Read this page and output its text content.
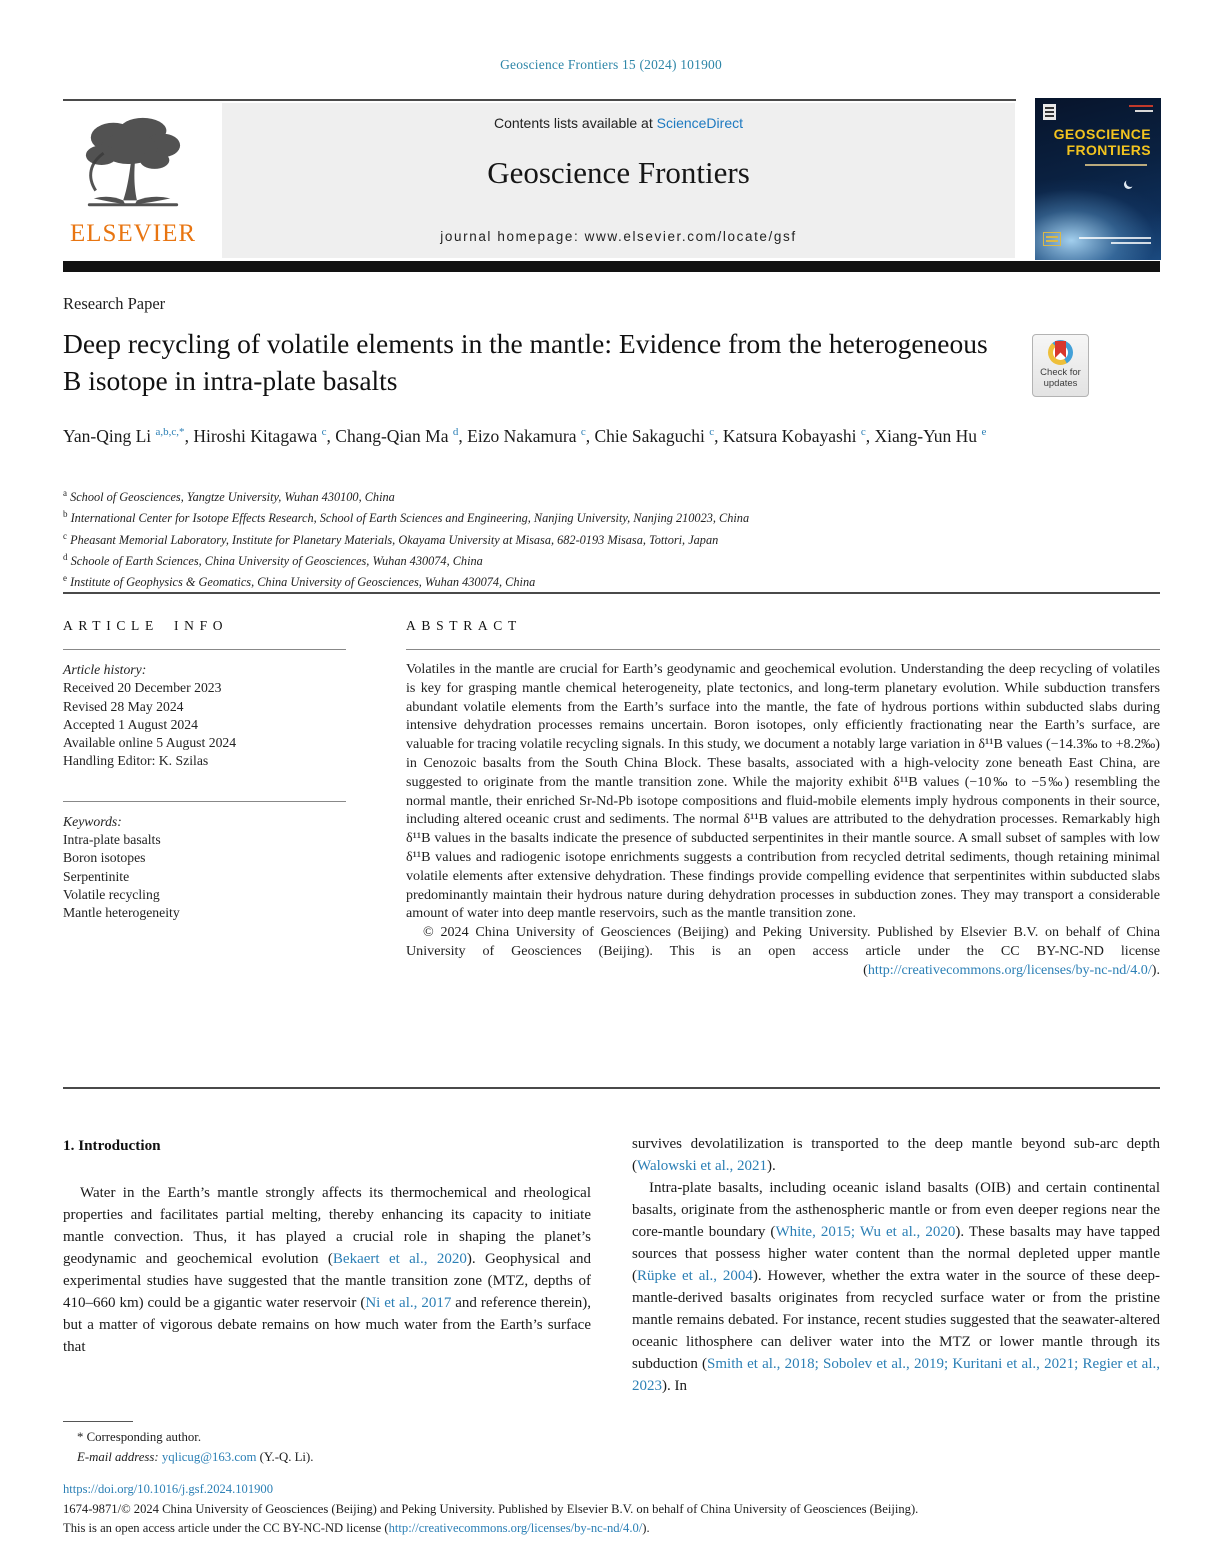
Geoscience Frontiers 15 (2024) 101900
ELSEVIER
Contents lists available at ScienceDirect
Geoscience Frontiers
journal homepage: www.elsevier.com/locate/gsf
GEOSCIENCE
FRONTIERS
Research Paper
Deep recycling of volatile elements in the mantle: Evidence from the heterogeneous B isotope in intra-plate basalts	Check for
updates
Yan-Qing Li $^{a,b,c,*}$, Hiroshi Kitagawa $^c$, Chang-Qian Ma $^d$, Eizo Nakamura $^c$, Chie Sakaguchi $^c$, Katsura Kobayashi $^c$, Xiang-Yun Hu $^e$
$^a$ School of Geosciences, Yangtze University, Wuhan 430100, China
$^b$ International Center for Isotope Effects Research, School of Earth Sciences and Engineering, Nanjing University, Nanjing 210023, China
$^c$ Pheasant Memorial Laboratory, Institute for Planetary Materials, Okayama University at Misasa, 682-0193 Misasa, Tottori, Japan
$^d$ Schoole of Earth Sciences, China University of Geosciences, Wuhan 430074, China
$^e$ Institute of Geophysics & Geomatics, China University of Geosciences, Wuhan 430074, China
ARTICLE INFO
Article history:
Received 20 December 2023
Revised 28 May 2024
Accepted 1 August 2024
Available online 5 August 2024
Handling Editor: K. Szilas
Keywords:
Intra-plate basalts
Boron isotopes
Serpentinite
Volatile recycling
Mantle heterogeneity
ABSTRACT
Volatiles in the mantle are crucial for Earth’s geodynamic and geochemical evolution. Understanding the deep recycling of volatiles is key for grasping mantle chemical heterogeneity, plate tectonics, and long-term planetary evolution. While subduction transfers abundant volatile elements from the Earth’s surface into the mantle, the fate of hydrous portions within subducted slabs during intensive dehydration processes remains uncertain. Boron isotopes, only efficiently fractionating near the Earth’s surface, are valuable for tracing volatile recycling signals. In this study, we document a notably large variation in δ¹¹B values (−14.3‰ to +8.2‰) in Cenozoic basalts from the South China Block. These basalts, associated with a high-velocity zone beneath East China, are suggested to originate from the mantle transition zone. While the majority exhibit δ¹¹B values (−10‰ to −5‰) resembling the normal mantle, their enriched Sr-Nd-Pb isotope compositions and fluid-mobile elements imply hydrous components in their source, including altered oceanic crust and sediments. The normal δ¹¹B values are attributed to the dehydration processes. Remarkably high δ¹¹B values in the basalts indicate the presence of subducted serpentinites in their mantle source. A small subset of samples with low δ¹¹B values and radiogenic isotope enrichments suggests a contribution from recycled detrital sediments, though retaining minimal volatile elements after extensive dehydration. These findings provide compelling evidence that serpentinites within subducted slabs predominantly maintain their hydrous nature during dehydration processes in subduction zones. They may transport a considerable amount of water into deep mantle reservoirs, such as the mantle transition zone.
© 2024 China University of Geosciences (Beijing) and Peking University. Published by Elsevier B.V. on behalf of China University of Geosciences (Beijing). This is an open access article under the CC BY-NC-ND license (http://creativecommons.org/licenses/by-nc-nd/4.0/).
1. Introduction
Water in the Earth’s mantle strongly affects its thermochemical and rheological properties and facilitates partial melting, thereby enhancing its capacity to initiate mantle convection. Thus, it has played a crucial role in shaping the planet’s geodynamic and geochemical evolution (Bekaert et al., 2020). Geophysical and experimental studies have suggested that the mantle transition zone (MTZ, depths of 410–660 km) could be a gigantic water reservoir (Ni et al., 2017 and reference therein), but a matter of vigorous debate remains on how much water from the Earth’s surface that
survives devolatilization is transported to the deep mantle beyond sub-arc depth (Walowski et al., 2021).
Intra-plate basalts, including oceanic island basalts (OIB) and certain continental basalts, originate from the asthenospheric mantle or from even deeper regions near the core-mantle boundary (White, 2015; Wu et al., 2020). These basalts may have tapped sources that possess higher water content than the normal depleted upper mantle (Rüpke et al., 2004). However, whether the extra water in the source of these deep-mantle-derived basalts originates from recycled surface water or from the pristine mantle remains debated. For instance, recent studies suggested that the seawater-altered oceanic lithosphere can deliver water into the MTZ or lower mantle through its subduction (Smith et al., 2018; Sobolev et al., 2019; Kuritani et al., 2021; Regier et al., 2023). In
* Corresponding author.
E-mail address: yqlicug@163.com (Y.-Q. Li).
https://doi.org/10.1016/j.gsf.2024.101900
1674-9871/© 2024 China University of Geosciences (Beijing) and Peking University. Published by Elsevier B.V. on behalf of China University of Geosciences (Beijing).
This is an open access article under the CC BY-NC-ND license (http://creativecommons.org/licenses/by-nc-nd/4.0/).
